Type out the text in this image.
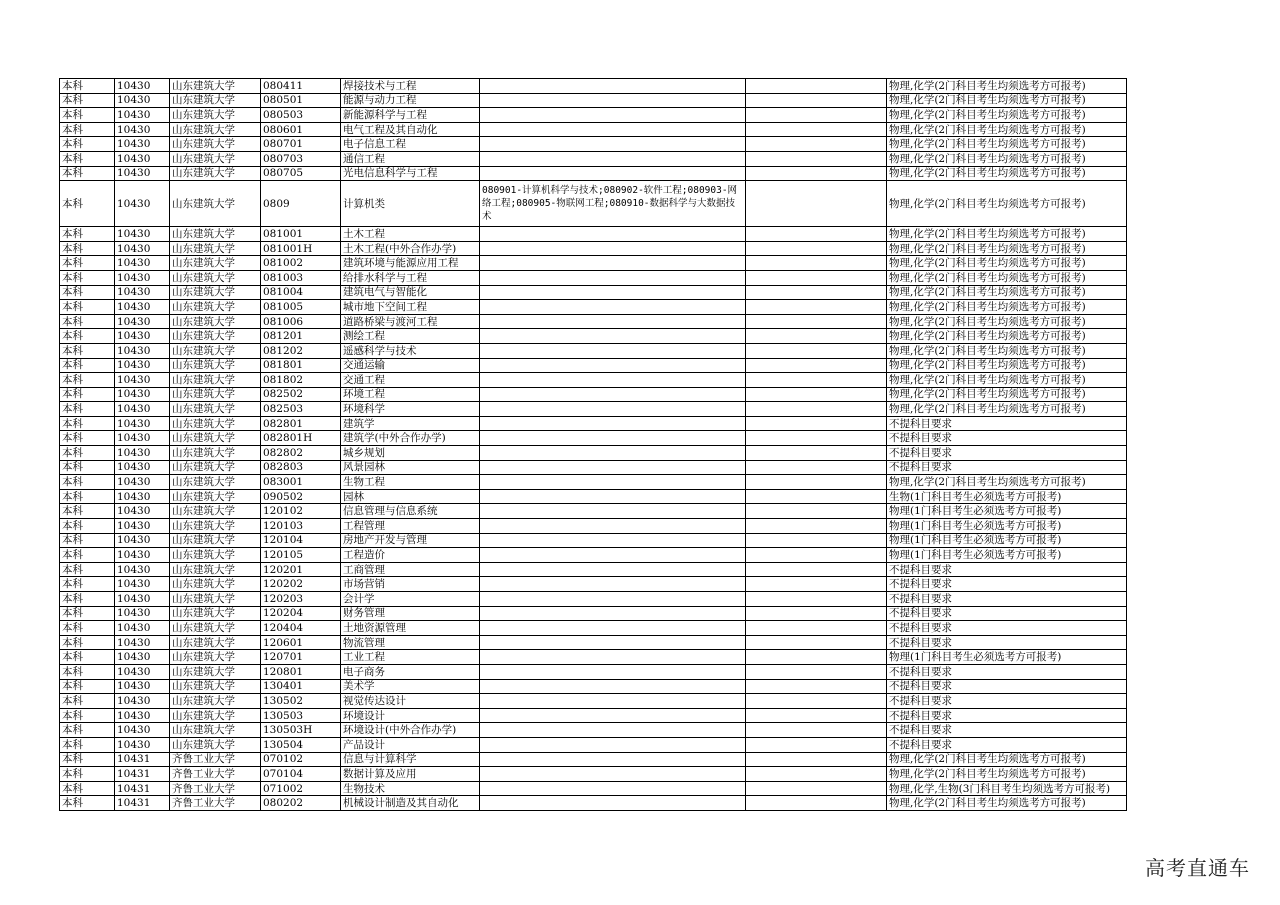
本科	10430	山东建筑大学	080411	焊接技术与工程			物理,化学(2门科目考生均须选考方可报考)
本科	10430	山东建筑大学	080501	能源与动力工程			物理,化学(2门科目考生均须选考方可报考)
本科	10430	山东建筑大学	080503	新能源科学与工程			物理,化学(2门科目考生均须选考方可报考)
本科	10430	山东建筑大学	080601	电气工程及其自动化			物理,化学(2门科目考生均须选考方可报考)
本科	10430	山东建筑大学	080701	电子信息工程			物理,化学(2门科目考生均须选考方可报考)
本科	10430	山东建筑大学	080703	通信工程			物理,化学(2门科目考生均须选考方可报考)
本科	10430	山东建筑大学	080705	光电信息科学与工程			物理,化学(2门科目考生均须选考方可报考)
本科	10430	山东建筑大学	0809	计算机类	080901-计算机科学与技术;080902-软件工程;080903-网络工程;080905-物联网工程;080910-数据科学与大数据技术		物理,化学(2门科目考生均须选考方可报考)
本科	10430	山东建筑大学	081001	土木工程			物理,化学(2门科目考生均须选考方可报考)
本科	10430	山东建筑大学	081001H	土木工程(中外合作办学)			物理,化学(2门科目考生均须选考方可报考)
本科	10430	山东建筑大学	081002	建筑环境与能源应用工程			物理,化学(2门科目考生均须选考方可报考)
本科	10430	山东建筑大学	081003	给排水科学与工程			物理,化学(2门科目考生均须选考方可报考)
本科	10430	山东建筑大学	081004	建筑电气与智能化			物理,化学(2门科目考生均须选考方可报考)
本科	10430	山东建筑大学	081005	城市地下空间工程			物理,化学(2门科目考生均须选考方可报考)
本科	10430	山东建筑大学	081006	道路桥梁与渡河工程			物理,化学(2门科目考生均须选考方可报考)
本科	10430	山东建筑大学	081201	测绘工程			物理,化学(2门科目考生均须选考方可报考)
本科	10430	山东建筑大学	081202	遥感科学与技术			物理,化学(2门科目考生均须选考方可报考)
本科	10430	山东建筑大学	081801	交通运输			物理,化学(2门科目考生均须选考方可报考)
本科	10430	山东建筑大学	081802	交通工程			物理,化学(2门科目考生均须选考方可报考)
本科	10430	山东建筑大学	082502	环境工程			物理,化学(2门科目考生均须选考方可报考)
本科	10430	山东建筑大学	082503	环境科学			物理,化学(2门科目考生均须选考方可报考)
本科	10430	山东建筑大学	082801	建筑学			不提科目要求
本科	10430	山东建筑大学	082801H	建筑学(中外合作办学)			不提科目要求
本科	10430	山东建筑大学	082802	城乡规划			不提科目要求
本科	10430	山东建筑大学	082803	风景园林			不提科目要求
本科	10430	山东建筑大学	083001	生物工程			物理,化学(2门科目考生均须选考方可报考)
本科	10430	山东建筑大学	090502	园林			生物(1门科目考生必须选考方可报考)
本科	10430	山东建筑大学	120102	信息管理与信息系统			物理(1门科目考生必须选考方可报考)
本科	10430	山东建筑大学	120103	工程管理			物理(1门科目考生必须选考方可报考)
本科	10430	山东建筑大学	120104	房地产开发与管理			物理(1门科目考生必须选考方可报考)
本科	10430	山东建筑大学	120105	工程造价			物理(1门科目考生必须选考方可报考)
本科	10430	山东建筑大学	120201	工商管理			不提科目要求
本科	10430	山东建筑大学	120202	市场营销			不提科目要求
本科	10430	山东建筑大学	120203	会计学			不提科目要求
本科	10430	山东建筑大学	120204	财务管理			不提科目要求
本科	10430	山东建筑大学	120404	土地资源管理			不提科目要求
本科	10430	山东建筑大学	120601	物流管理			不提科目要求
本科	10430	山东建筑大学	120701	工业工程			物理(1门科目考生必须选考方可报考)
本科	10430	山东建筑大学	120801	电子商务			不提科目要求
本科	10430	山东建筑大学	130401	美术学			不提科目要求
本科	10430	山东建筑大学	130502	视觉传达设计			不提科目要求
本科	10430	山东建筑大学	130503	环境设计			不提科目要求
本科	10430	山东建筑大学	130503H	环境设计(中外合作办学)			不提科目要求
本科	10430	山东建筑大学	130504	产品设计			不提科目要求
本科	10431	齐鲁工业大学	070102	信息与计算科学			物理,化学(2门科目考生均须选考方可报考)
本科	10431	齐鲁工业大学	070104	数据计算及应用			物理,化学(2门科目考生均须选考方可报考)
本科	10431	齐鲁工业大学	071002	生物技术			物理,化学,生物(3门科目考生均须选考方可报考)
本科	10431	齐鲁工业大学	080202	机械设计制造及其自动化			物理,化学(2门科目考生均须选考方可报考)
高考直通车
